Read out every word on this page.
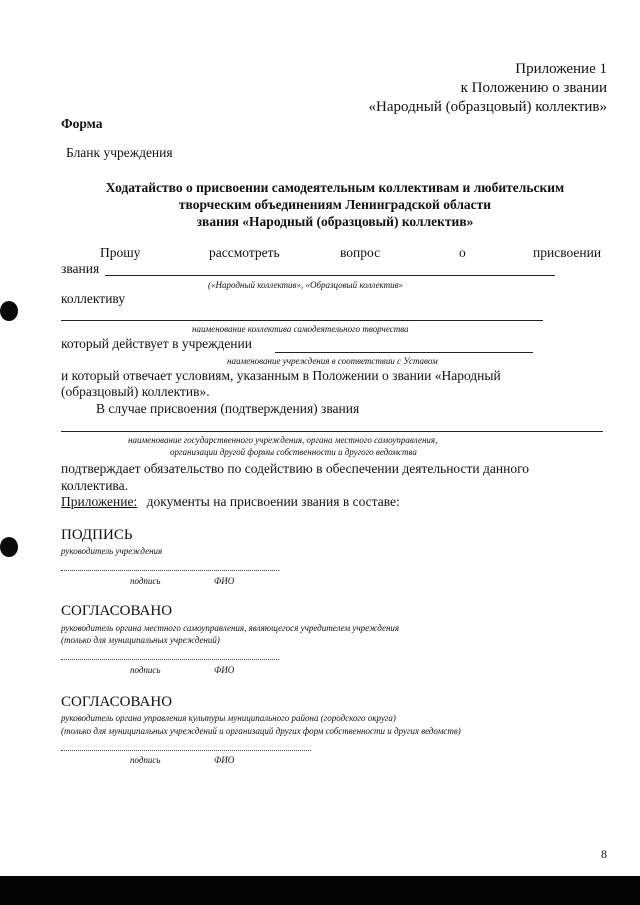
Приложение 1
к Положению о звании
«Народный (образцовый) коллектив»
Форма
Бланк учреждения
Ходатайство о присвоении самодеятельным коллективам и любительским
творческим объединениям Ленинградской области
звания «Народный (образцовый) коллектив»
Прошу	рассмотреть	вопрос	о	присвоении
звания
(«Народный коллектив», «Образцовый коллектив»
коллективу
наименование коллектива самодеятельного творчества
который действует в учреждении
наименование учреждения в соответствии с Уставом
и который отвечает условиям, указанным в Положении о звании «Народный
(образцовый) коллектив».
В случае присвоения (подтверждения) звания
наименование государственного учреждения, органа местного самоуправления,
организации другой формы собственности и другого ведомства
подтверждает обязательство по содействию в обеспечении деятельности данного
коллектива.
Приложение: документы на присвоении звания в составе:
ПОДПИСЬ
руководитель учреждения
подпись	ФИО
СОГЛАСОВАНО
руководитель органа местного самоуправления, являющегося учредителем учреждения
(только для муниципальных учреждений)
подпись	ФИО
СОГЛАСОВАНО
руководитель органа управления культуры муниципального района (городского округа)
(только для муниципальных учреждений и организаций других форм собственности и других ведомств)
подпись	ФИО
8
